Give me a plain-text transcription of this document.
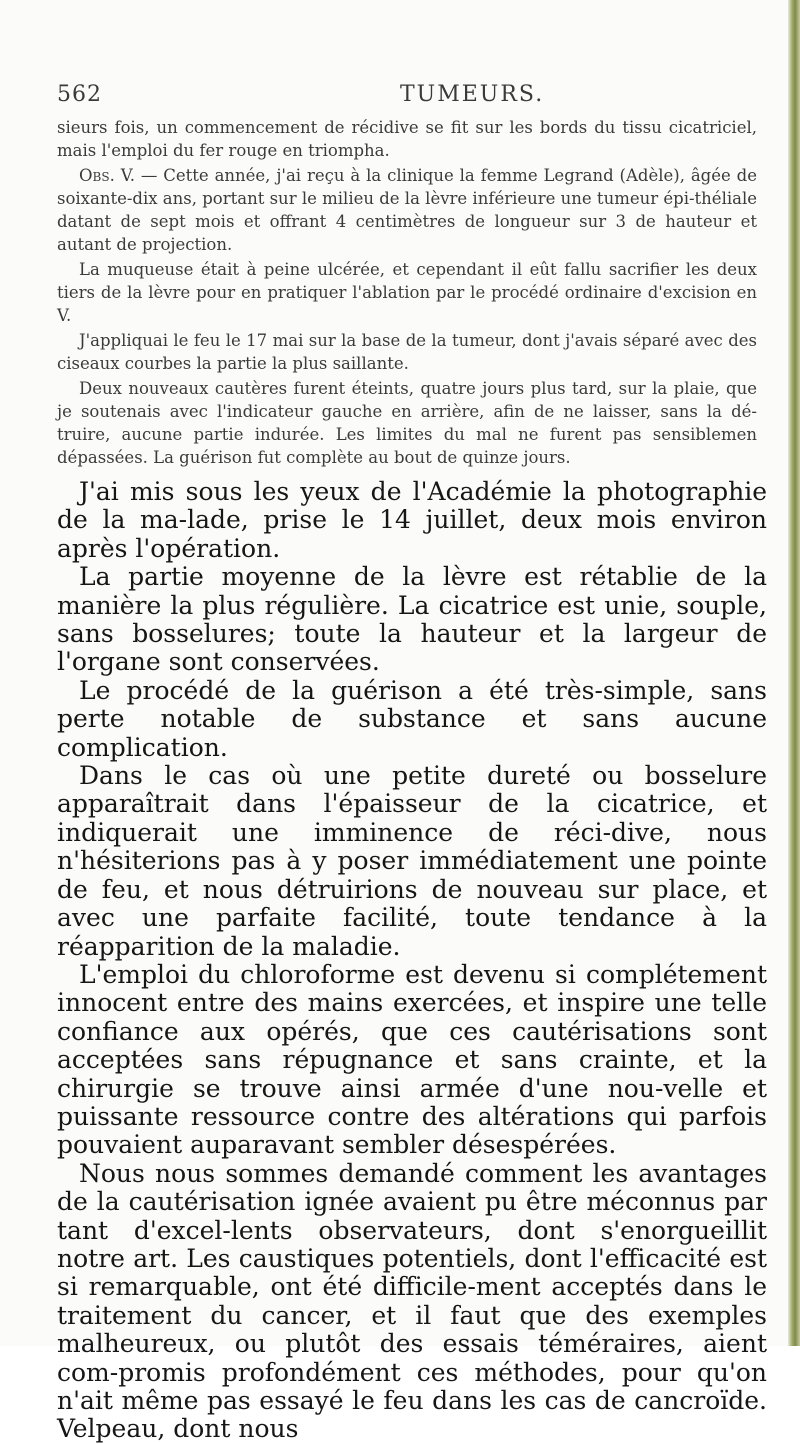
562	TUMEURS.

sieurs fois, un commencement de récidive se fit sur les bords du tissu cicatriciel, mais l'emploi du fer rouge en triompha.

Obs. V. — Cette année, j'ai reçu à la clinique la femme Legrand (Adèle), âgée de soixante-dix ans, portant sur le milieu de la lèvre inférieure une tumeur épi-théliale datant de sept mois et offrant 4 centimètres de longueur sur 3 de hauteur et autant de projection.

La muqueuse était à peine ulcérée, et cependant il eût fallu sacrifier les deux tiers de la lèvre pour en pratiquer l'ablation par le procédé ordinaire d'excision en V.

J'appliquai le feu le 17 mai sur la base de la tumeur, dont j'avais séparé avec des ciseaux courbes la partie la plus saillante.

Deux nouveaux cautères furent éteints, quatre jours plus tard, sur la plaie, que je soutenais avec l'indicateur gauche en arrière, afin de ne laisser, sans la dé-truire, aucune partie indurée. Les limites du mal ne furent pas sensiblemen dépassées. La guérison fut complète au bout de quinze jours.

J'ai mis sous les yeux de l'Académie la photographie de la ma-lade, prise le 14 juillet, deux mois environ après l'opération.

La partie moyenne de la lèvre est rétablie de la manière la plus régulière. La cicatrice est unie, souple, sans bosselures; toute la hauteur et la largeur de l'organe sont conservées.

Le procédé de la guérison a été très-simple, sans perte notable de substance et sans aucune complication.

Dans le cas où une petite dureté ou bosselure apparaîtrait dans l'épaisseur de la cicatrice, et indiquerait une imminence de réci-dive, nous n'hésiterions pas à y poser immédiatement une pointe de feu, et nous détruirions de nouveau sur place, et avec une parfaite facilité, toute tendance à la réapparition de la maladie.

L'emploi du chloroforme est devenu si complétement innocent entre des mains exercées, et inspire une telle confiance aux opérés, que ces cautérisations sont acceptées sans répugnance et sans crainte, et la chirurgie se trouve ainsi armée d'une nou-velle et puissante ressource contre des altérations qui parfois pouvaient auparavant sembler désespérées.

Nous nous sommes demandé comment les avantages de la cautérisation ignée avaient pu être méconnus par tant d'excel-lents observateurs, dont s'enorgueillit notre art. Les caustiques potentiels, dont l'efficacité est si remarquable, ont été difficile-ment acceptés dans le traitement du cancer, et il faut que des exemples malheureux, ou plutôt des essais téméraires, aient com-promis profondément ces méthodes, pour qu'on n'ait même pas essayé le feu dans les cas de cancroïde. Velpeau, dont nous
